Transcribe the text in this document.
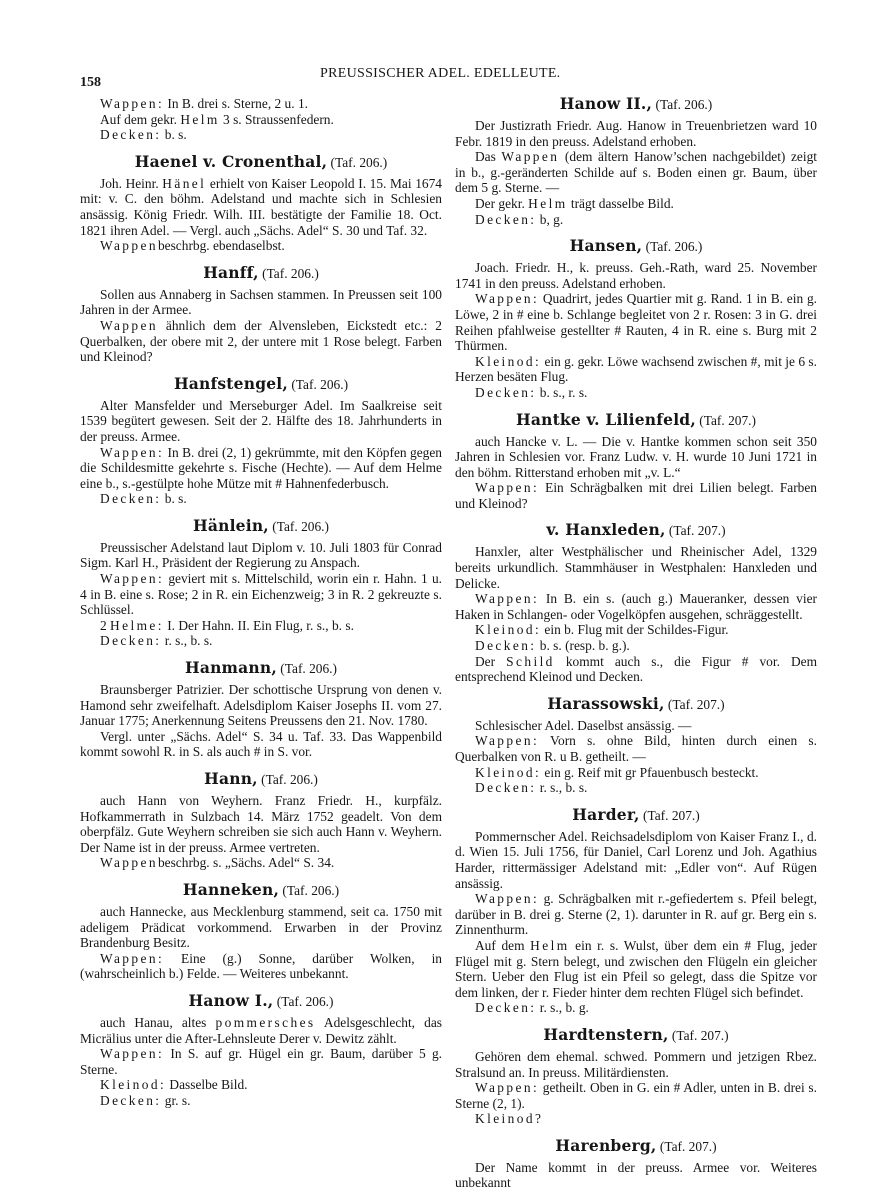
158
PREUSSISCHER ADEL. EDELLEUTE.

Wappen: In B. drei s. Sterne, 2 u. 1.

Auf dem gekr. Helm 3 s. Straussenfedern.

Decken: b. s.

Haenel v. Cronenthal, (Taf. 206.)

Joh. Heinr. Hänel erhielt von Kaiser Leopold I. 15. Mai 1674 mit: v. C. den böhm. Adelstand und machte sich in Schlesien ansässig. König Friedr. Wilh. III. bestätigte der Familie 18. Oct. 1821 ihren Adel. — Vergl. auch „Sächs. Adel“ S. 30 und Taf. 32.

Wappenbeschrbg. ebendaselbst.

Hanff, (Taf. 206.)

Sollen aus Annaberg in Sachsen stammen. In Preussen seit 100 Jahren in der Armee.

Wappen ähnlich dem der Alvensleben, Eickstedt etc.: 2 Querbalken, der obere mit 2, der untere mit 1 Rose belegt. Farben und Kleinod?

Hanfstengel, (Taf. 206.)

Alter Mansfelder und Merseburger Adel. Im Saalkreise seit 1539 begütert gewesen. Seit der 2. Hälfte des 18. Jahrhunderts in der preuss. Armee.

Wappen: In B. drei (2, 1) gekrümmte, mit den Köpfen gegen die Schildesmitte gekehrte s. Fische (Hechte). — Auf dem Helme eine b., s.-gestülpte hohe Mütze mit # Hahnenfederbusch.

Decken: b. s.

Hänlein, (Taf. 206.)

Preussischer Adelstand laut Diplom v. 10. Juli 1803 für Conrad Sigm. Karl H., Präsident der Regierung zu Anspach.

Wappen: geviert mit s. Mittelschild, worin ein r. Hahn. 1 u. 4 in B. eine s. Rose; 2 in R. ein Eichenzweig; 3 in R. 2 gekreuzte s. Schlüssel.

2 Helme: I. Der Hahn. II. Ein Flug, r. s., b. s.

Decken: r. s., b. s.

Hanmann, (Taf. 206.)

Braunsberger Patrizier. Der schottische Ursprung von denen v. Hamond sehr zweifelhaft. Adelsdiplom Kaiser Josephs II. vom 27. Januar 1775; Anerkennung Seitens Preussens den 21. Nov. 1780.

Vergl. unter „Sächs. Adel“ S. 34 u. Taf. 33. Das Wappenbild kommt sowohl R. in S. als auch # in S. vor.

Hann, (Taf. 206.)

auch Hann von Weyhern. Franz Friedr. H., kurpfälz. Hofkammerrath in Sulzbach 14. März 1752 geadelt. Von dem oberpfälz. Gute Weyhern schreiben sie sich auch Hann v. Weyhern. Der Name ist in der preuss. Armee vertreten.

Wappenbeschrbg. s. „Sächs. Adel“ S. 34.

Hanneken, (Taf. 206.)

auch Hannecke, aus Mecklenburg stammend, seit ca. 1750 mit adeligem Prädicat vorkommend. Erwarben in der Provinz Brandenburg Besitz.

Wappen: Eine (g.) Sonne, darüber Wolken, in (wahrscheinlich b.) Felde. — Weiteres unbekannt.

Hanow I., (Taf. 206.)

auch Hanau, altes pommersches Adelsgeschlecht, das Micrälius unter die After-Lehnsleute Derer v. Dewitz zählt.

Wappen: In S. auf gr. Hügel ein gr. Baum, darüber 5 g. Sterne.

Kleinod: Dasselbe Bild.

Decken: gr. s.

Hanow II., (Taf. 206.)

Der Justizrath Friedr. Aug. Hanow in Treuenbrietzen ward 10 Febr. 1819 in den preuss. Adelstand erhoben.

Das Wappen (dem ältern Hanow’schen nachgebildet) zeigt in b., g.-geränderten Schilde auf s. Boden einen gr. Baum, über dem 5 g. Sterne. —

Der gekr. Helm trägt dasselbe Bild.

Decken: b, g.

Hansen, (Taf. 206.)

Joach. Friedr. H., k. preuss. Geh.-Rath, ward 25. November 1741 in den preuss. Adelstand erhoben.

Wappen: Quadrirt, jedes Quartier mit g. Rand. 1 in B. ein g. Löwe, 2 in # eine b. Schlange begleitet von 2 r. Rosen: 3 in G. drei Reihen pfahlweise gestellter # Rauten, 4 in R. eine s. Burg mit 2 Thürmen.

Kleinod: ein g. gekr. Löwe wachsend zwischen #, mit je 6 s. Herzen besäten Flug.

Decken: b. s., r. s.

Hantke v. Lilienfeld, (Taf. 207.)

auch Hancke v. L. — Die v. Hantke kommen schon seit 350 Jahren in Schlesien vor. Franz Ludw. v. H. wurde 10 Juni 1721 in den böhm. Ritterstand erhoben mit „v. L.“

Wappen: Ein Schrägbalken mit drei Lilien belegt. Farben und Kleinod?

v. Hanxleden, (Taf. 207.)

Hanxler, alter Westphälischer und Rheinischer Adel, 1329 bereits urkundlich. Stammhäuser in Westphalen: Hanxleden und Delicke.

Wappen: In B. ein s. (auch g.) Maueranker, dessen vier Haken in Schlangen- oder Vogelköpfen ausgehen, schräggestellt.

Kleinod: ein b. Flug mit der Schildes-Figur.

Decken: b. s. (resp. b. g.).

Der Schild kommt auch s., die Figur # vor. Dem entsprechend Kleinod und Decken.

Harassowski, (Taf. 207.)

Schlesischer Adel. Daselbst ansässig. —

Wappen: Vorn s. ohne Bild, hinten durch einen s. Querbalken von R. u B. getheilt. —

Kleinod: ein g. Reif mit gr Pfauenbusch besteckt.

Decken: r. s., b. s.

Harder, (Taf. 207.)

Pommernscher Adel. Reichsadelsdiplom von Kaiser Franz I., d. d. Wien 15. Juli 1756, für Daniel, Carl Lorenz und Joh. Agathius Harder, rittermässiger Adelstand mit: „Edler von“. Auf Rügen ansässig.

Wappen: g. Schrägbalken mit r.-gefiedertem s. Pfeil belegt, darüber in B. drei g. Sterne (2, 1). darunter in R. auf gr. Berg ein s. Zinnenthurm.

Auf dem Helm ein r. s. Wulst, über dem ein # Flug, jeder Flügel mit g. Stern belegt, und zwischen den Flügeln ein gleicher Stern. Ueber den Flug ist ein Pfeil so gelegt, dass die Spitze vor dem linken, der r. Fieder hinter dem rechten Flügel sich befindet.

Decken: r. s., b. g.

Hardtenstern, (Taf. 207.)

Gehören dem ehemal. schwed. Pommern und jetzigen Rbez. Stralsund an. In preuss. Militärdiensten.

Wappen: getheilt. Oben in G. ein # Adler, unten in B. drei s. Sterne (2, 1).

Kleinod?

Harenberg, (Taf. 207.)

Der Name kommt in der preuss. Armee vor. Weiteres unbekannt
